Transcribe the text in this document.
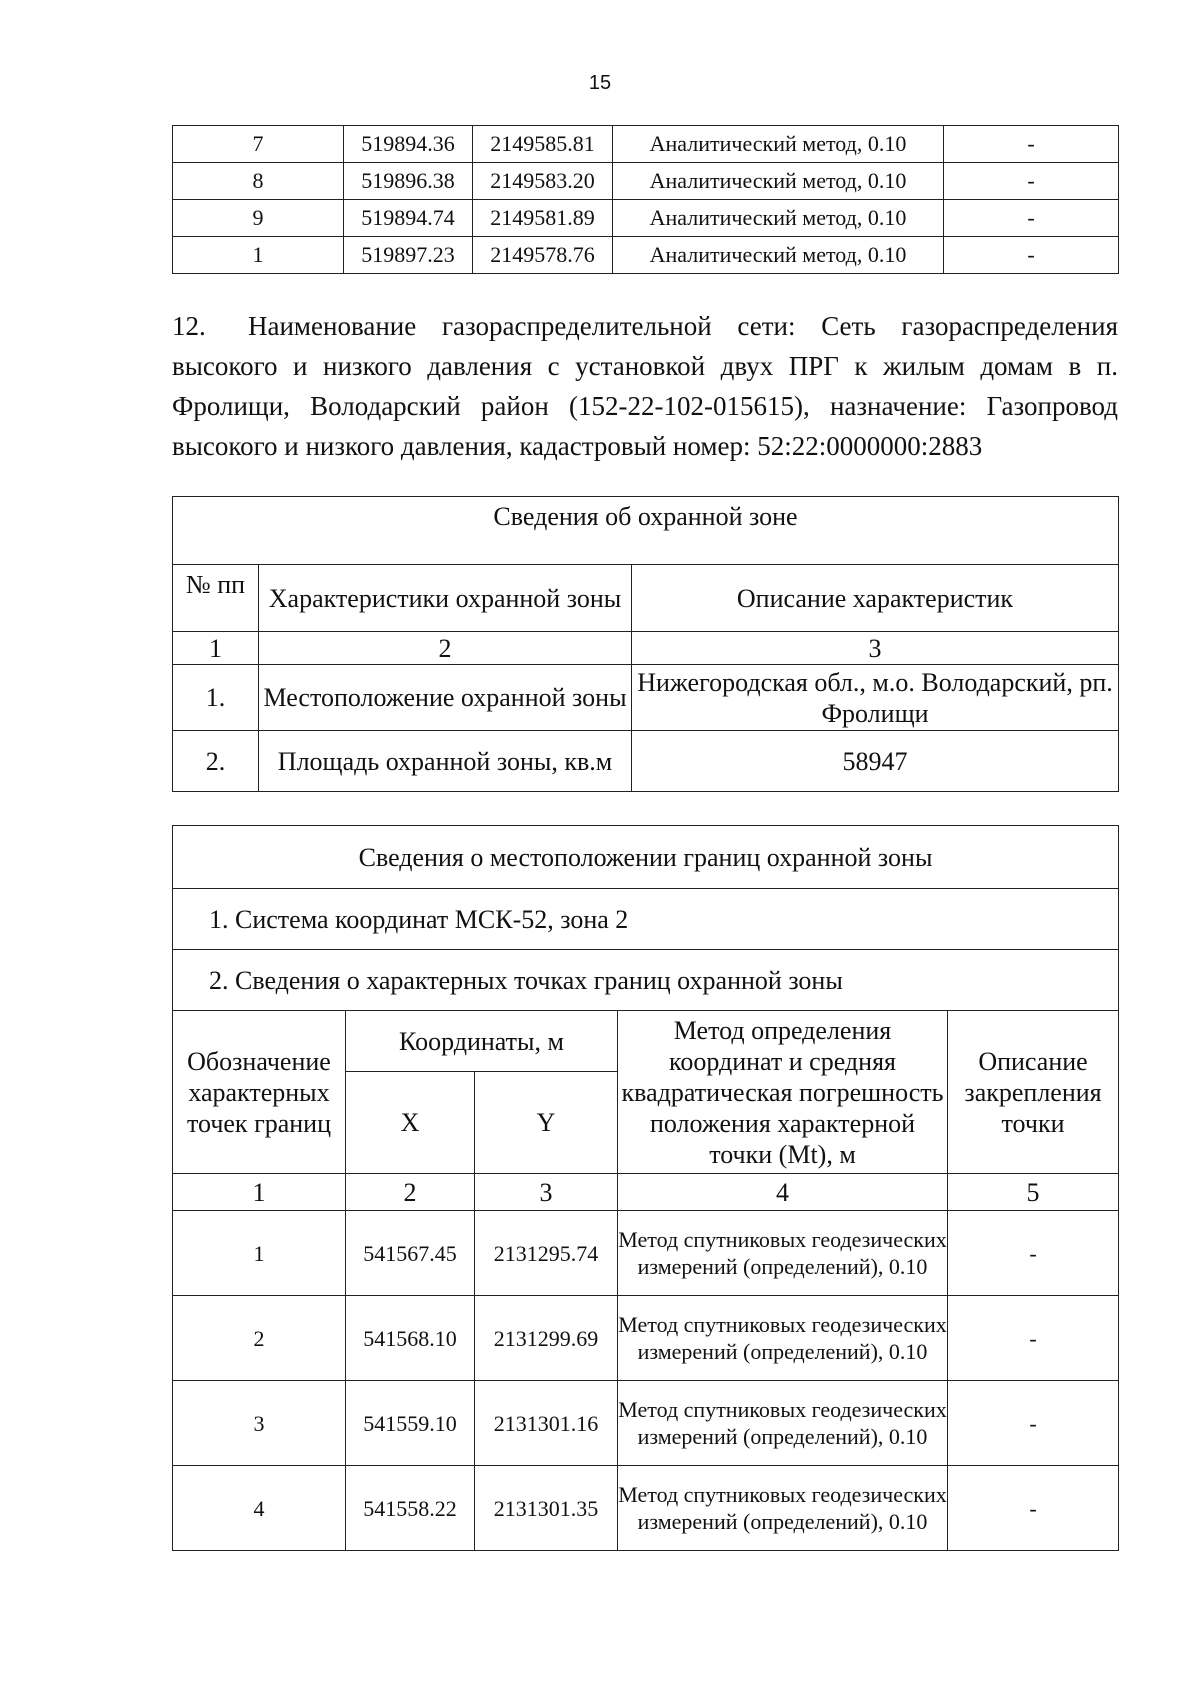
15
7	519894.36	2149585.81	Аналитический метод, 0.10	-
8	519896.38	2149583.20	Аналитический метод, 0.10	-
9	519894.74	2149581.89	Аналитический метод, 0.10	-
1	519897.23	2149578.76	Аналитический метод, 0.10	-

12. Наименование газораспределительной сети: Сеть газораспределения высокого и низкого давления с установкой двух ПРГ к жилым домам в п. Фролищи, Володарский район (152-22-102-015615), назначение: Газопровод высокого и низкого давления, кадастровый номер: 52:22:0000000:2883

Сведения об охранной зоне		
№ пп	Характеристики охранной зоны	Описание характеристик
1	2	3
1.	Местоположение охранной зоны	Нижегородская обл., м.о. Володарский, рп. Фролищи
2.	Площадь охранной зоны, кв.м	58947
Сведения о местоположении границ охранной зоны				
1. Система координат МСК-52, зона 2				
2. Сведения о характерных точках границ охранной зоны				
Обозначение характерных точек границ	Координаты, м		Метод определения координат и средняя квадратическая погрешность положения характерной точки (Mt), м	Описание закрепления точки
	X	Y		
1	2	3	4	5
1	541567.45	2131295.74	Метод спутниковых геодезических измерений (определений), 0.10	-
2	541568.10	2131299.69	Метод спутниковых геодезических измерений (определений), 0.10	-
3	541559.10	2131301.16	Метод спутниковых геодезических измерений (определений), 0.10	-
4	541558.22	2131301.35	Метод спутниковых геодезических измерений (определений), 0.10	-
